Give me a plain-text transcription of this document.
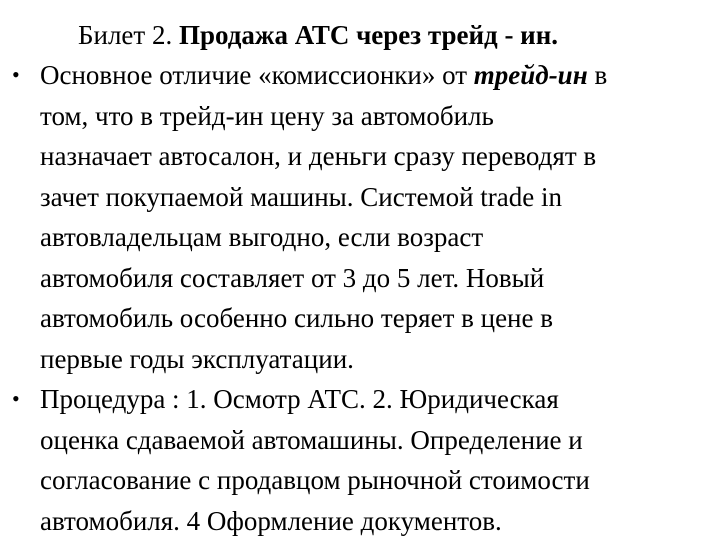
Билет 2. Продажа АТС через трейд - ин.
• Основное отличие «комиссионки» от трейд-ин в
том, что в трейд-ин цену за автомобиль
назначает автосалон, и деньги сразу переводят в
зачет покупаемой машины. Системой trade in
автовладельцам выгодно, если возраст
автомобиля составляет от 3 до 5 лет. Новый
автомобиль особенно сильно теряет в цене в
первые годы эксплуатации.
• Процедура : 1. Осмотр АТС. 2. Юридическая
оценка сдаваемой автомашины. Определение и
согласование с продавцом рыночной стоимости
автомобиля. 4 Оформление документов.
